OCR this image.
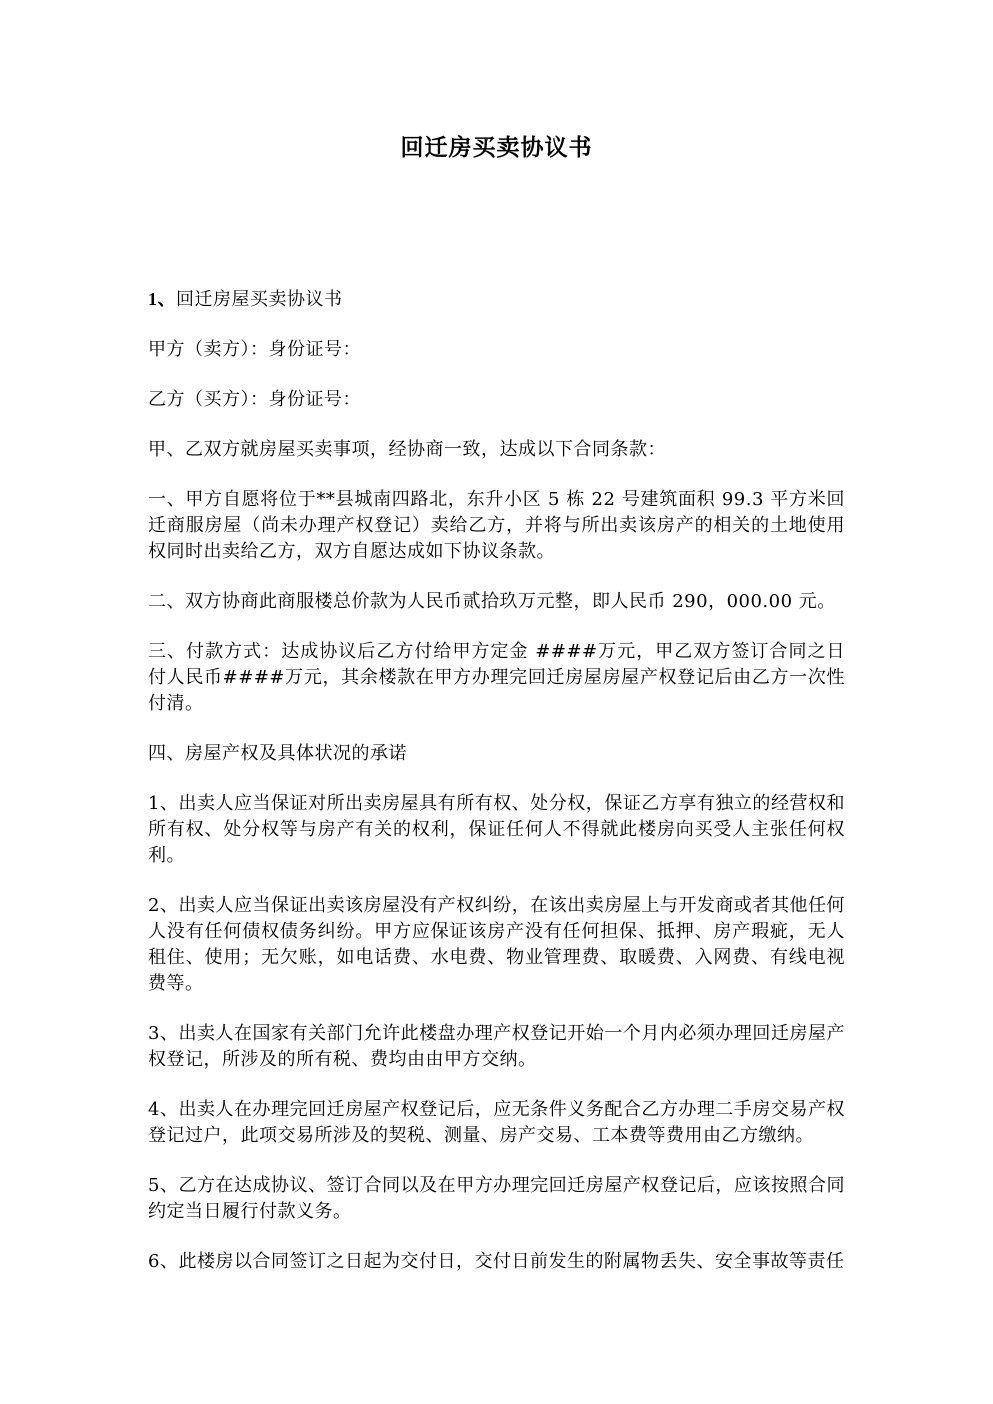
回迁房买卖协议书

1、回迁房屋买卖协议书

甲方（卖方）：身份证号：

乙方（买方）：身份证号：

甲、乙双方就房屋买卖事项，经协商一致，达成以下合同条款：

一、甲方自愿将位于**县城南四路北，东升小区 5 栋 22 号建筑面积 99.3 平方米回迁商服房屋（尚未办理产权登记）卖给乙方，并将与所出卖该房产的相关的土地使用权同时出卖给乙方，双方自愿达成如下协议条款。

二、双方协商此商服楼总价款为人民币贰拾玖万元整，即人民币 290，000.00 元。

三、付款方式：达成协议后乙方付给甲方定金 ####万元，甲乙双方签订合同之日付人民币####万元，其余楼款在甲方办理完回迁房屋房屋产权登记后由乙方一次性付清。

四、房屋产权及具体状况的承诺

1、出卖人应当保证对所出卖房屋具有所有权、处分权，保证乙方享有独立的经营权和所有权、处分权等与房产有关的权利，保证任何人不得就此楼房向买受人主张任何权利。

2、出卖人应当保证出卖该房屋没有产权纠纷，在该出卖房屋上与开发商或者其他任何人没有任何债权债务纠纷。甲方应保证该房产没有任何担保、抵押、房产瑕疵，无人租住、使用；无欠账，如电话费、水电费、物业管理费、取暖费、入网费、有线电视费等。

3、出卖人在国家有关部门允许此楼盘办理产权登记开始一个月内必须办理回迁房屋产权登记，所涉及的所有税、费均由由甲方交纳。

4、出卖人在办理完回迁房屋产权登记后，应无条件义务配合乙方办理二手房交易产权登记过户，此项交易所涉及的契税、测量、房产交易、工本费等费用由乙方缴纳。

5、乙方在达成协议、签订合同以及在甲方办理完回迁房屋产权登记后，应该按照合同约定当日履行付款义务。

6、此楼房以合同签订之日起为交付日，交付日前发生的附属物丢失、安全事故等责任
